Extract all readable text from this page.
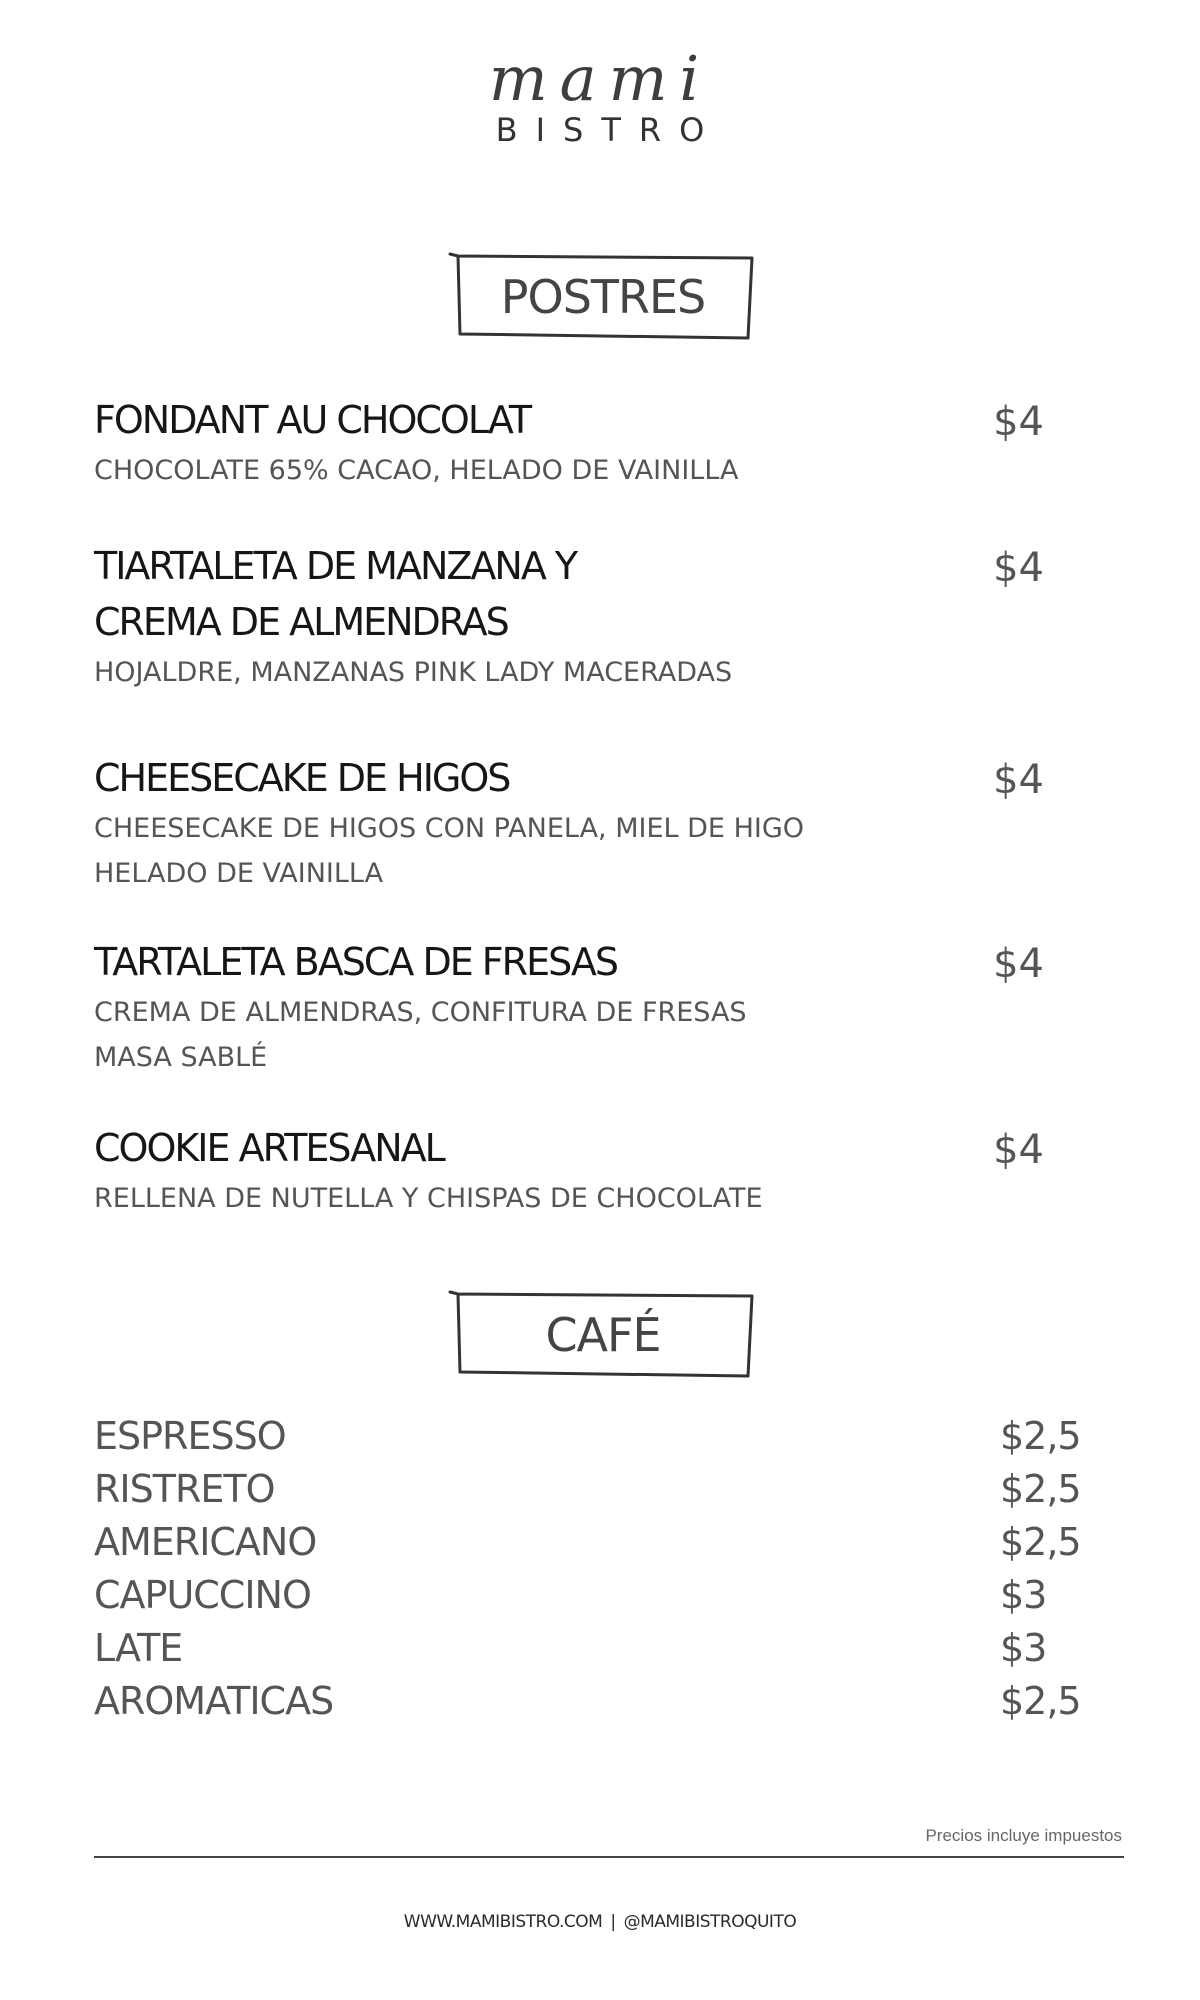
mami
BISTRO
POSTRES
FONDANT AU CHOCOLAT
CHOCOLATE 65% CACAO, HELADO DE VAINILLA
$4
TIARTALETA DE MANZANA Y
CREMA DE ALMENDRAS
HOJALDRE, MANZANAS PINK LADY MACERADAS
$4
CHEESECAKE DE HIGOS
CHEESECAKE DE HIGOS CON PANELA, MIEL DE HIGO
HELADO DE VAINILLA
$4
TARTALETA BASCA DE FRESAS
CREMA DE ALMENDRAS, CONFITURA DE FRESAS
MASA SABLÉ
$4
COOKIE ARTESANAL
RELLENA DE NUTELLA Y CHISPAS DE CHOCOLATE
$4
CAFÉ
ESPRESSO	$2,5
RISTRETO	$2,5
AMERICANO	$2,5
CAPUCCINO	$3
LATE	$3
AROMATICAS	$2,5
Precios incluye impuestos
WWW.MAMIBISTRO.COM | @MAMIBISTROQUITO
